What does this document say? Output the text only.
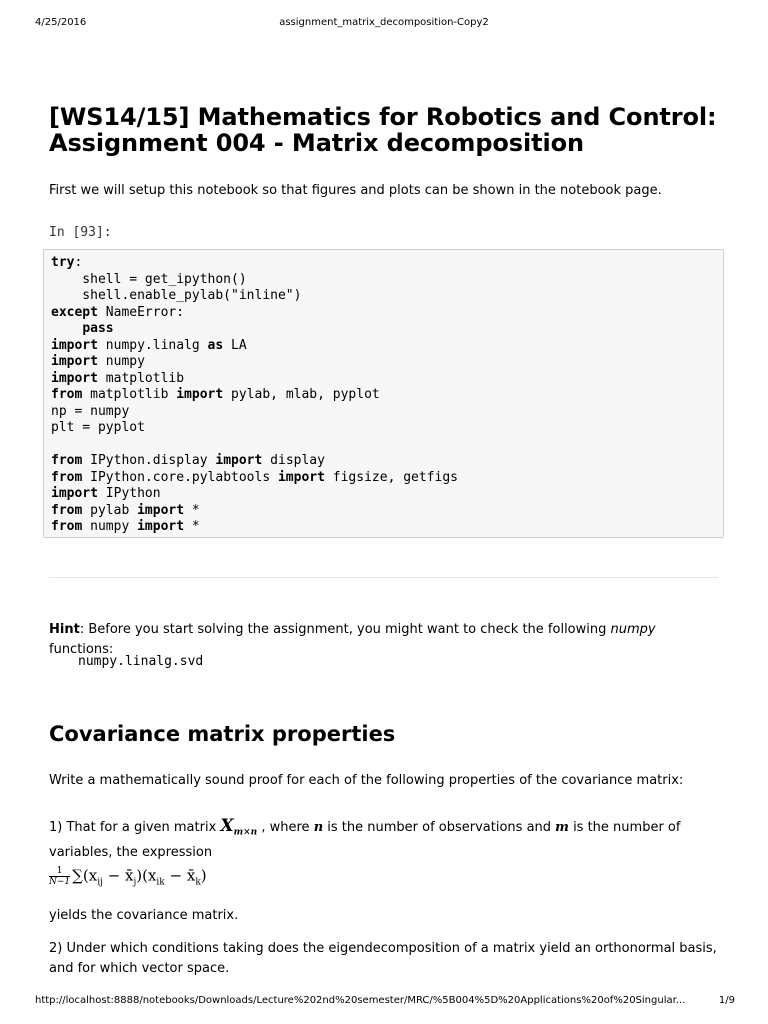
4/25/2016	assignment_matrix_decomposition-Copy2
[WS14/15] Mathematics for Robotics and Control:
Assignment 004 - Matrix decomposition
First we will setup this notebook so that figures and plots can be shown in the notebook page.
In [93]:
try:
shell = get_ipython()
shell.enable_pylab("inline")
except NameError:
pass
import numpy.linalg as LA
import numpy
import matplotlib
from matplotlib import pylab, mlab, pyplot
np = numpy
plt = pyplot
from IPython.display import display
from IPython.core.pylabtools import figsize, getfigs
import IPython
from pylab import *
from numpy import *
Hint: Before you start solving the assignment, you might want to check the following numpy functions:
numpy.linalg.svd
Covariance matrix properties
Write a mathematically sound proof for each of the following properties of the covariance matrix:
1) That for a given matrix $X_{m\times n}$ , where n is the number of observations and m is the number of variables, the expression
$\frac{1}{N-1} \sum(x_{ij}$ − $x̄_j)(x_{ik}$ − $x̄_k$)
yields the covariance matrix.
2) Under which conditions taking does the eigendecomposition of a matrix yield an orthonormal basis,
and for which vector space.
http://localhost:8888/notebooks/Downloads/Lecture%202nd%20semester/MRC/%5B004%5D%20Applications%20of%20Singular...	1/9
